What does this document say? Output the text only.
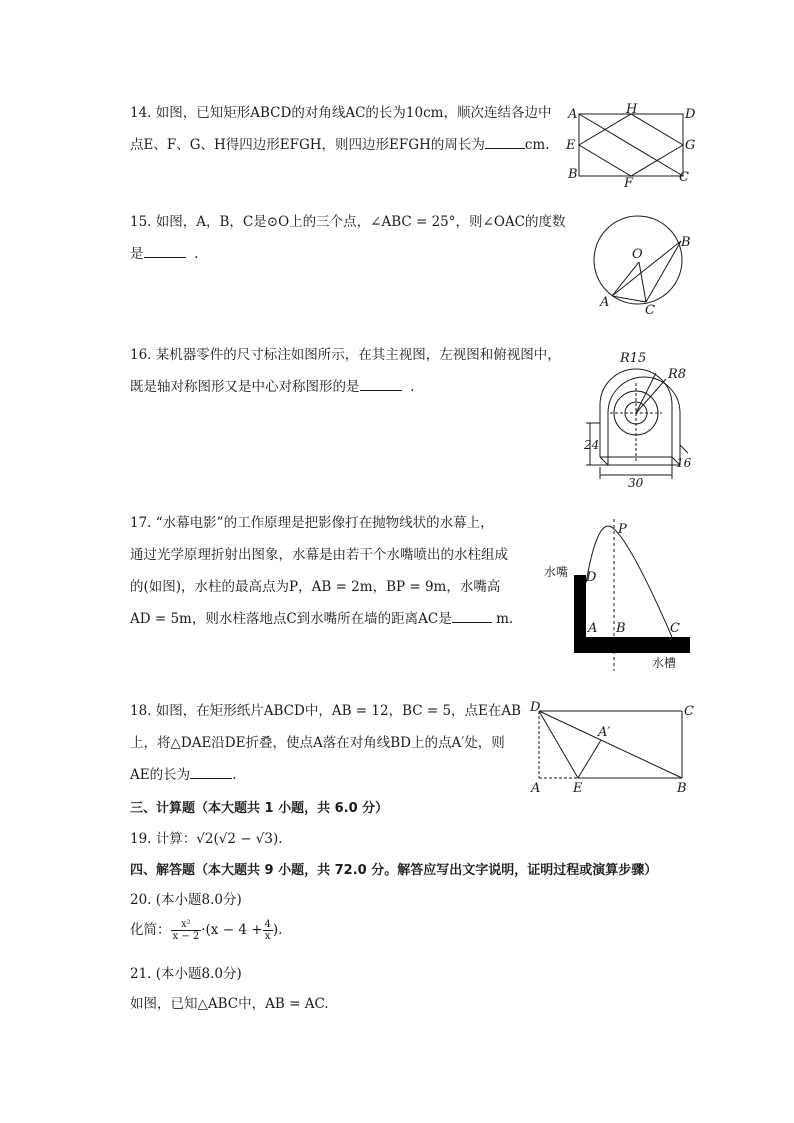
14. 如图，已知矩形ABCD的对角线AC的长为10cm，顺次连结各边中
点E、F、G、H得四边形EFGH，则四边形EFGH的周长为	cm.
A	H	D
E	G
B
F	C
15. 如图，A，B，C是⊙O上的三个点，∠ABC = 25°，则∠OAC的度数
是	.	O
B
A
C
16. 某机器零件的尺寸标注如图所示，在其主视图，左视图和俯视图中，
既是轴对称图形又是中心对称图形的是	.
R15
R8
24
30
16
17. “水幕电影”的工作原理是把影像打在抛物线状的水幕上，
通过光学原理折射出图象，水幕是由若干个水嘴喷出的水柱组成
的(如图)，水柱的最高点为P，AB = 2m，BP = 9m，水嘴高
AD = 5m，则水柱落地点C到水嘴所在墙的距离AC是	m.
P
D
水嘴
A B	C
水槽
18. 如图，在矩形纸片ABCD中，AB = 12，BC = 5，点E在AB
上，将△DAE沿DE折叠，使点A落在对角线BD上的点A′处，则
AE的长为	.
D	C
A′
A	E	B
三、计算题（本大题共 1 小题，共 6.0 分）
19. 计算：√2(√2 − √3).
四、解答题（本大题共 9 小题，共 72.0 分。解答应写出文字说明，证明过程或演算步骤）
20. (本小题8.0分)
化简： $\frac{\text{x²}}{x - 2} \cdot(x - 4 + \frac{4}{x}$ ).
21. (本小题8.0分)
如图，已知△ABC中，AB = AC.
